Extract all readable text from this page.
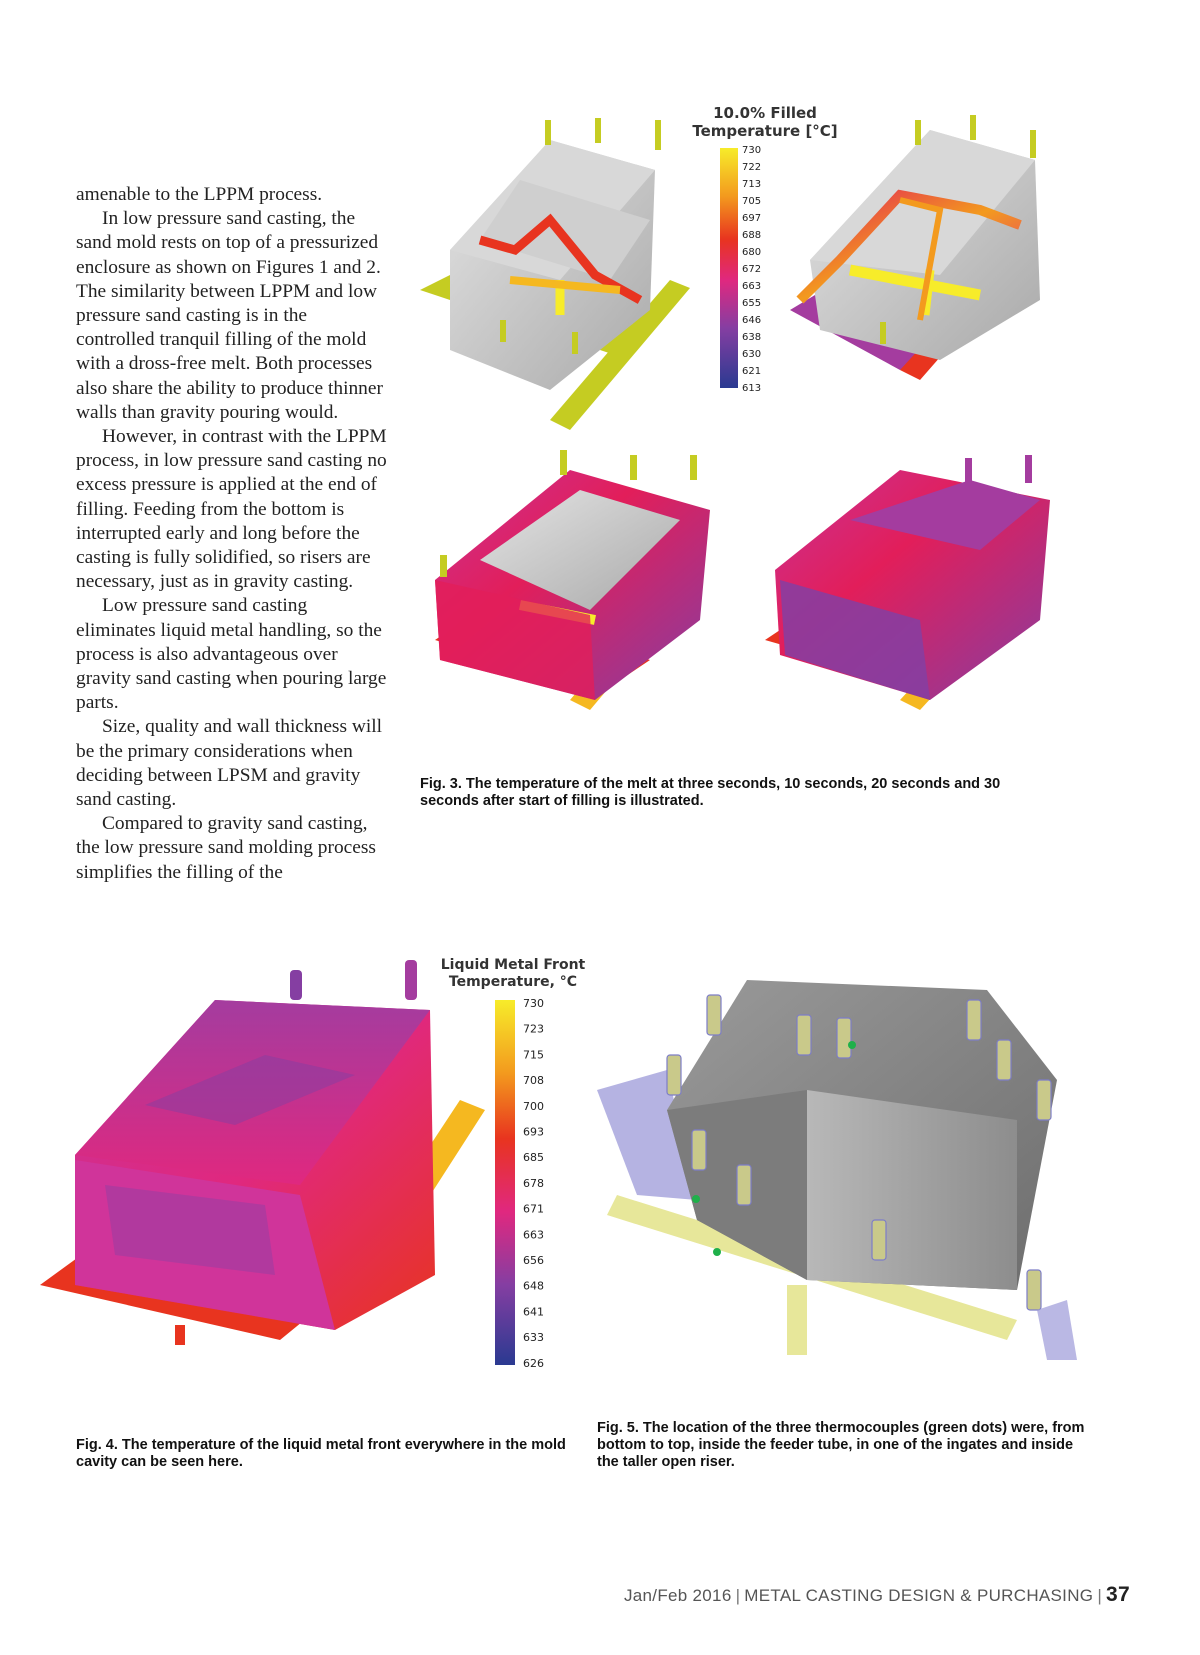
amenable to the LPPM process.

In low pressure sand casting, the sand mold rests on top of a pressurized enclosure as shown on Figures 1 and 2. The similarity between LPPM and low pressure sand casting is in the controlled tranquil filling of the mold with a dross-free melt. Both processes also share the ability to produce thinner walls than gravity pouring would.

However, in contrast with the LPPM process, in low pressure sand casting no excess pressure is applied at the end of filling. Feeding from the bottom is interrupted early and long before the casting is fully solidified, so risers are necessary, just as in gravity casting.

Low pressure sand casting eliminates liquid metal handling, so the process is also advantageous over gravity sand casting when pouring large parts.

Size, quality and wall thickness will be the primary considerations when deciding between LPSM and gravity sand casting.

Compared to gravity sand casting, the low pressure sand molding process simplifies the filling of the

10.0% Filled
Temperature [°C]
730
722
713
705
697
688
680
672
663
655
646
638
630
621
613
Fig. 3. The temperature of the melt at three seconds, 10 seconds, 20 seconds and 30 seconds after start of filling is illustrated.
Liquid Metal Front
Temperature, °C
730
723
715
708
700
693
685
678
671
663
656
648
641
633
626
Fig. 4. The temperature of the liquid metal front everywhere in the mold cavity can be seen here.
Fig. 5. The location of the three thermocouples (green dots) were, from bottom to top, inside the feeder tube, in one of the ingates and inside the taller open riser.
Jan/Feb 2016 | METAL CASTING DESIGN & PURCHASING | 37
